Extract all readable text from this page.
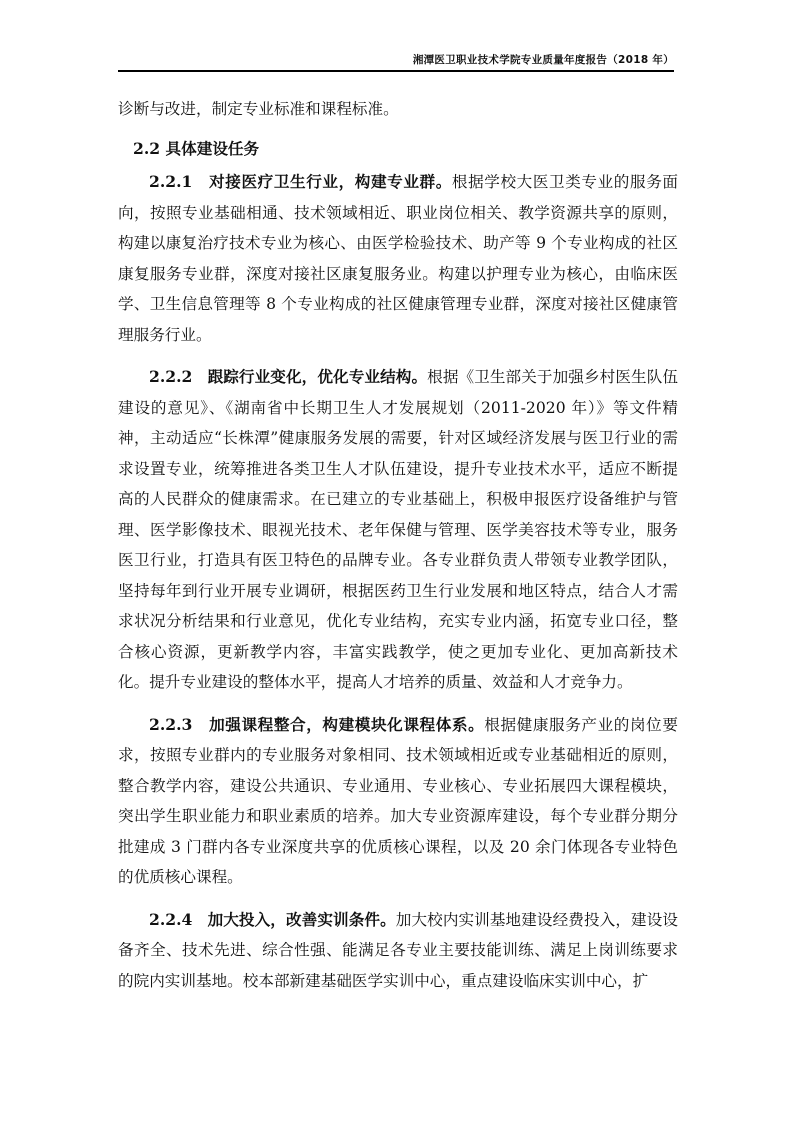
湘潭医卫职业技术学院专业质量年度报告（2018 年）

诊断与改进，制定专业标准和课程标准。

2.2 具体建设任务

2.2.1 对接医疗卫生行业，构建专业群。根据学校大医卫类专业的服务面向，按照专业基础相通、技术领域相近、职业岗位相关、教学资源共享的原则，构建以康复治疗技术专业为核心、由医学检验技术、助产等 9 个专业构成的社区康复服务专业群，深度对接社区康复服务业。构建以护理专业为核心，由临床医学、卫生信息管理等 8 个专业构成的社区健康管理专业群，深度对接社区健康管理服务行业。

2.2.2 跟踪行业变化，优化专业结构。根据《卫生部关于加强乡村医生队伍建设的意见》、《湖南省中长期卫生人才发展规划（2011-2020 年）》等文件精神，主动适应“长株潭”健康服务发展的需要，针对区域经济发展与医卫行业的需求设置专业，统筹推进各类卫生人才队伍建设，提升专业技术水平，适应不断提高的人民群众的健康需求。在已建立的专业基础上，积极申报医疗设备维护与管理、医学影像技术、眼视光技术、老年保健与管理、医学美容技术等专业，服务医卫行业，打造具有医卫特色的品牌专业。各专业群负责人带领专业教学团队，坚持每年到行业开展专业调研，根据医药卫生行业发展和地区特点，结合人才需求状况分析结果和行业意见，优化专业结构，充实专业内涵，拓宽专业口径，整合核心资源，更新教学内容，丰富实践教学，使之更加专业化、更加高新技术化。提升专业建设的整体水平，提高人才培养的质量、效益和人才竞争力。

2.2.3 加强课程整合，构建模块化课程体系。根据健康服务产业的岗位要求，按照专业群内的专业服务对象相同、技术领域相近或专业基础相近的原则，整合教学内容，建设公共通识、专业通用、专业核心、专业拓展四大课程模块，突出学生职业能力和职业素质的培养。加大专业资源库建设，每个专业群分期分批建成 3 门群内各专业深度共享的优质核心课程，以及 20 余门体现各专业特色的优质核心课程。

2.2.4 加大投入，改善实训条件。加大校内实训基地建设经费投入，建设设备齐全、技术先进、综合性强、能满足各专业主要技能训练、满足上岗训练要求的院内实训基地。校本部新建基础医学实训中心，重点建设临床实训中心，扩
